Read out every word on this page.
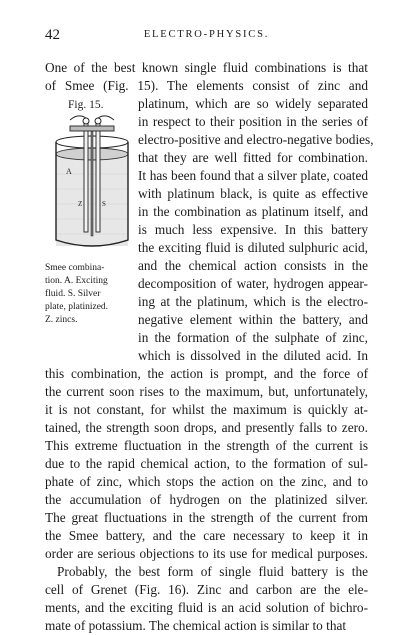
42	ELECTRO-PHYSICS.
One of the best known single fluid combinations is that
of Smee (Fig. 15). The elements consist of zinc and
platinum, which are so widely separated
in respect to their position in the series of
electro-positive and electro-negative bodies,
that they are well fitted for combination.
It has been found that a silver plate, coated
with platinum black, is quite as effective
in the combination as platinum itself, and
is much less expensive. In this battery
the exciting fluid is diluted sulphuric acid,
and the chemical action consists in the
decomposition of water, hydrogen appear-
ing at the platinum, which is the electro-
negative element within the battery, and
in the formation of the sulphate of zinc,
which is dissolved in the diluted acid. In
this combination, the action is prompt, and the force of
the current soon rises to the maximum, but, unfortunately,
it is not constant, for whilst the maximum is quickly at-
tained, the strength soon drops, and presently falls to zero.
This extreme fluctuation in the strength of the current is
due to the rapid chemical action, to the formation of sul-
phate of zinc, which stops the action on the zinc, and to
the accumulation of hydrogen on the platinized silver.
The great fluctuations in the strength of the current from
the Smee battery, and the care necessary to keep it in
order are serious objections to its use for medical purposes.
Probably, the best form of single fluid battery is the
cell of Grenet (Fig. 16). Zinc and carbon are the ele-
ments, and the exciting fluid is an acid solution of bichro-
mate of potassium. The chemical action is similar to that
Fig. 15.
A
Z	S
Smee combina-
tion. A. Exciting
fluid. S. Silver
plate, platinized.
Z. zincs.
